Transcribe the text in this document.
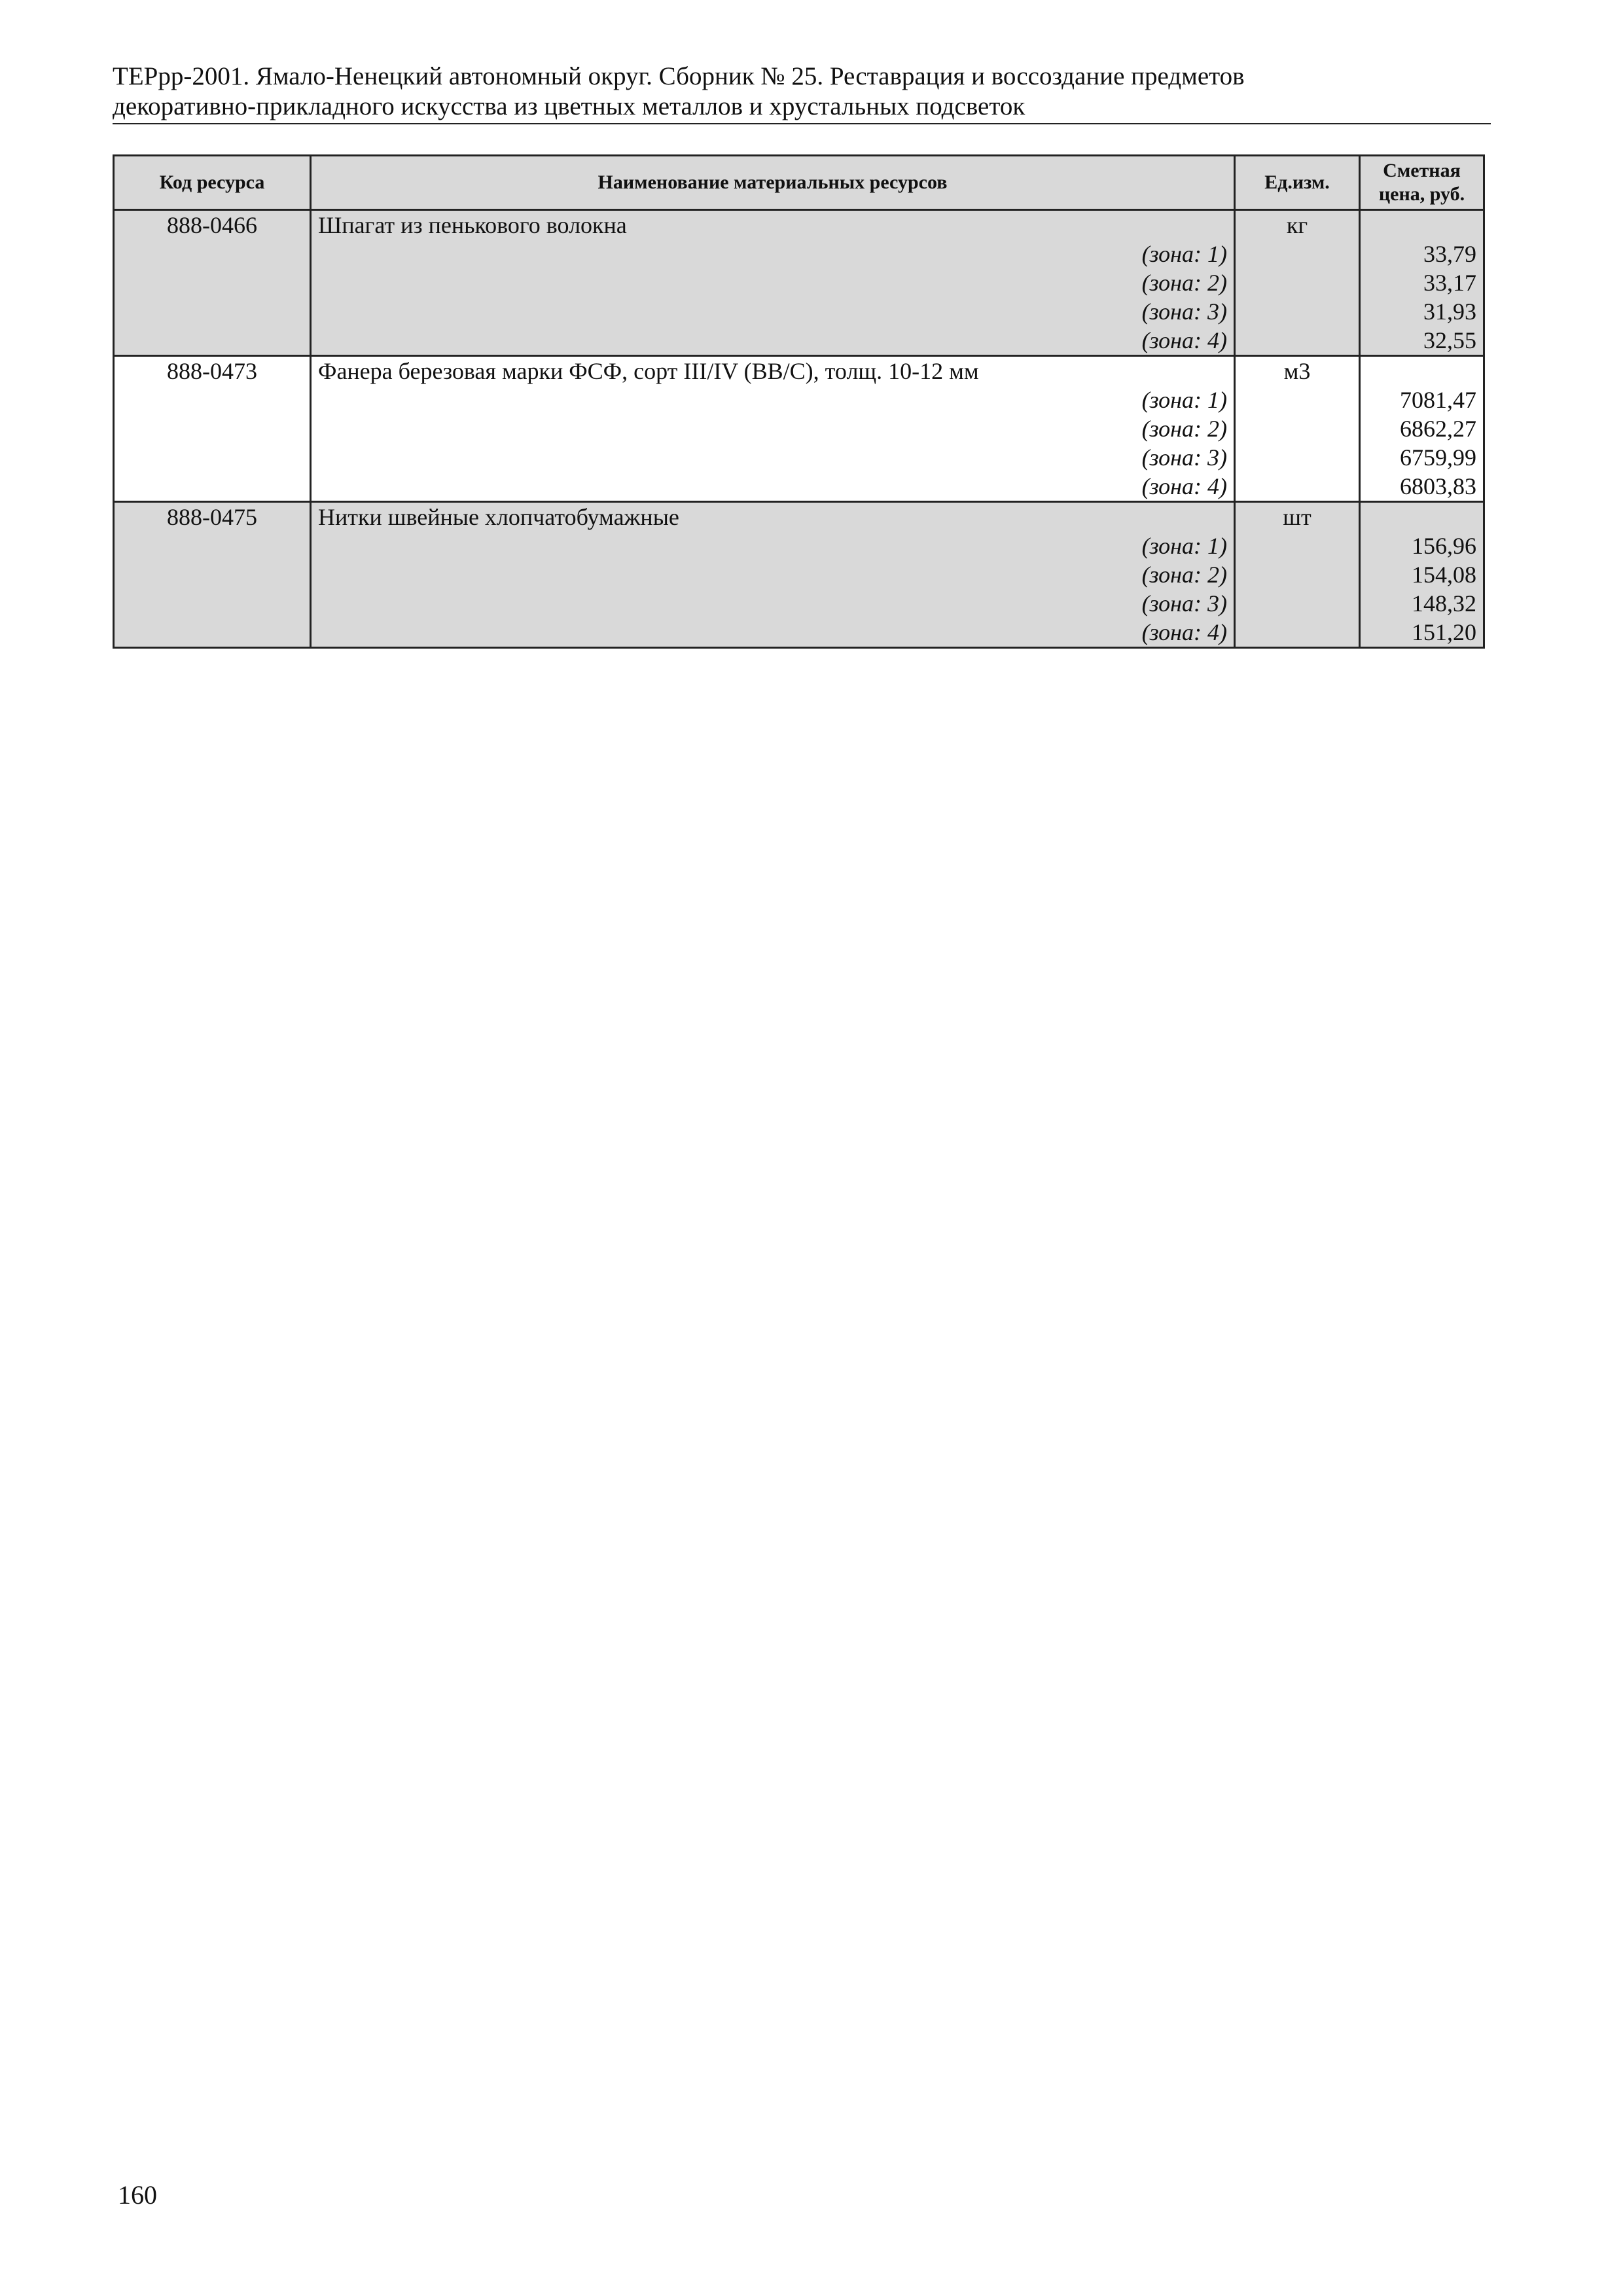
ТЕРрр-2001. Ямало-Ненецкий автономный округ. Сборник № 25. Реставрация и воссоздание предметов
декоративно-прикладного искусства из цветных металлов и хрустальных подсветок
Код ресурса	Наименование материальных ресурсов	Ед.изм.	Сметная
цена, руб.

888-0466	Шпагат из пенькового волокна	кг	
	(зона: 1)		33,79
	(зона: 2)		33,17
	(зона: 3)		31,93
	(зона: 4)		32,55
888-0473	Фанера березовая марки ФСФ, сорт III/IV (ВВ/С), толщ. 10-12 мм	м3	
	(зона: 1)		7081,47
	(зона: 2)		6862,27
	(зона: 3)		6759,99
	(зона: 4)		6803,83
888-0475	Нитки швейные хлопчатобумажные	шт	
	(зона: 1)		156,96
	(зона: 2)		154,08
	(зона: 3)		148,32
	(зона: 4)		151,20
160
